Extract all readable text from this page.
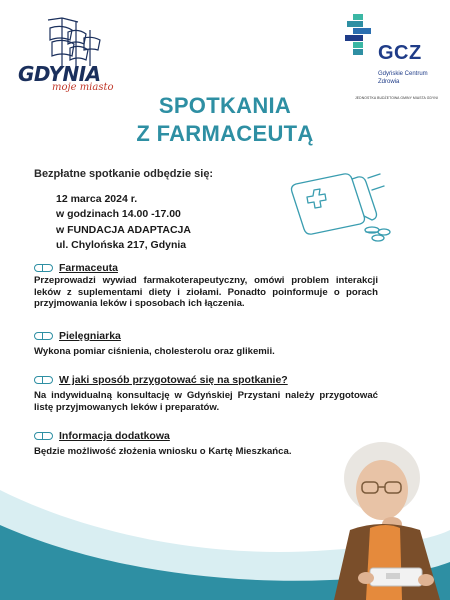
GDYNIA
moje miasto
GCZ
Gdyńskie Centrum
Zdrowia
JEDNOSTKA BUDŻETOWA GMINY MIASTA GDYNI
SPOTKANIA
Z FARMACEUTĄ
Bezpłatne spotkanie odbędzie się:
12 marca 2024 r.
w godzinach 14.00 -17.00
w FUNDACJA ADAPTACJA
ul. Chylońska 217, Gdynia
Farmaceuta
Przeprowadzi wywiad farmakoterapeutyczny, omówi problem interakcji leków z suplementami diety i ziołami. Ponadto poinformuje o porach przyjmowania leków i sposobach ich łączenia.
Pielęgniarka
Wykona pomiar ciśnienia, cholesterolu oraz glikemii.
W jaki sposób przygotować się na spotkanie?
Na indywidualną konsultację w Gdyńskiej Przystani należy przygotować listę przyjmowanych leków i preparatów.
Informacja dodatkowa
Będzie możliwość złożenia wniosku o Kartę Mieszkańca.
